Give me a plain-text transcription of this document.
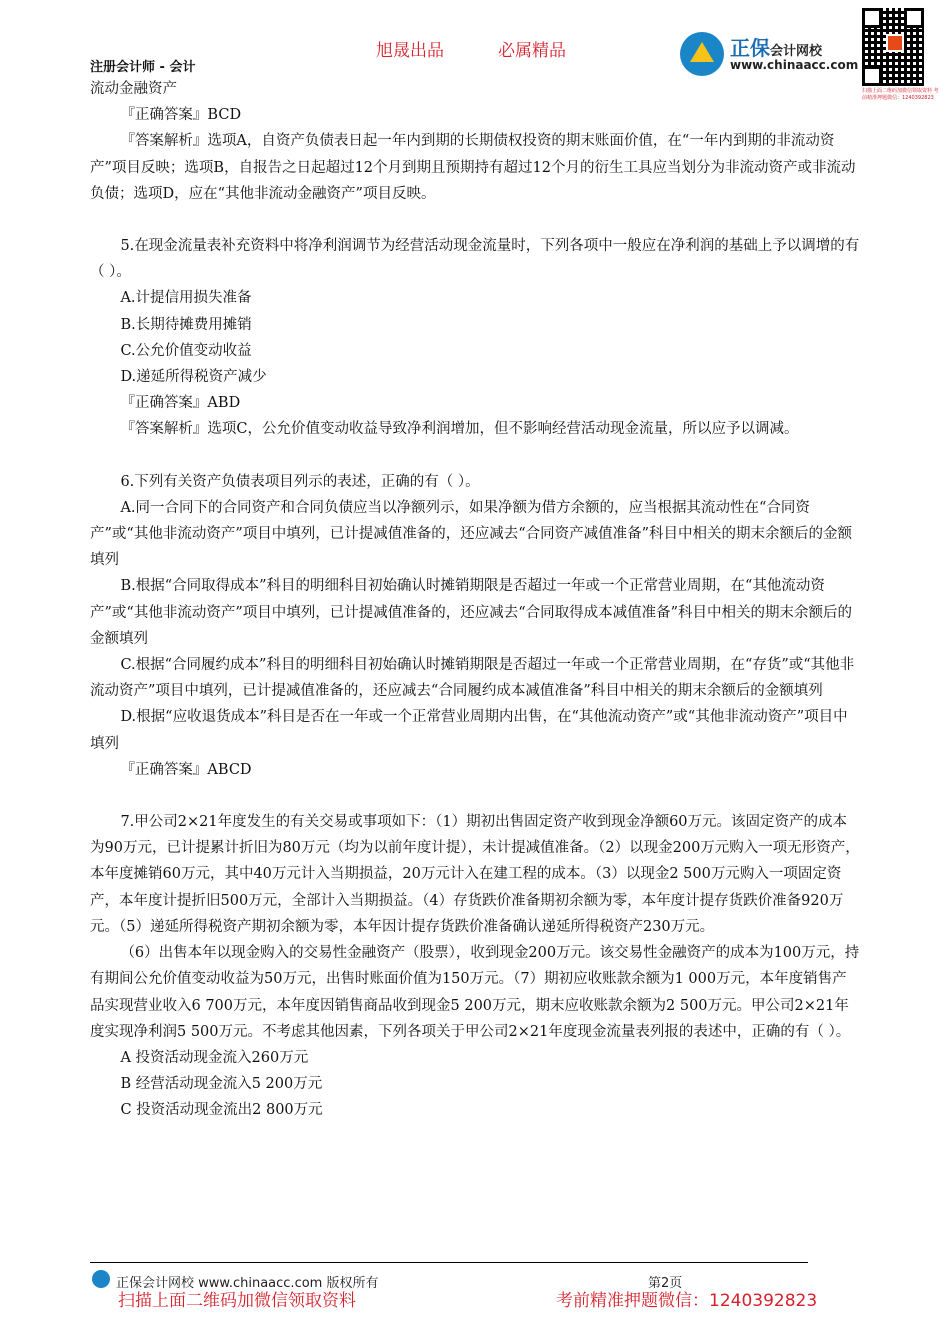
旭晟出品	必属精品
注册会计师 - 会计
正保会计网校
www.chinaacc.com
扫描上面二维码加微信领取资料 考前精准押题微信：1240392823

流动金融资产

『正确答案』BCD

『答案解析』选项A，自资产负债表日起一年内到期的长期债权投资的期末账面价值，在“一年内到期的非流动资产”项目反映；选项B，自报告之日起超过12个月到期且预期持有超过12个月的衍生工具应当划分为非流动资产或非流动负债；选项D，应在“其他非流动金融资产”项目反映。

5.在现金流量表补充资料中将净利润调节为经营活动现金流量时，下列各项中一般应在净利润的基础上予以调增的有（ ）。

A.计提信用损失准备

B.长期待摊费用摊销

C.公允价值变动收益

D.递延所得税资产减少

『正确答案』ABD

『答案解析』选项C，公允价值变动收益导致净利润增加，但不影响经营活动现金流量，所以应予以调减。

6.下列有关资产负债表项目列示的表述，正确的有（ ）。

A.同一合同下的合同资产和合同负债应当以净额列示，如果净额为借方余额的，应当根据其流动性在“合同资产”或“其他非流动资产”项目中填列，已计提减值准备的，还应减去“合同资产减值准备”科目中相关的期末余额后的金额填列

B.根据“合同取得成本”科目的明细科目初始确认时摊销期限是否超过一年或一个正常营业周期，在“其他流动资产”或“其他非流动资产”项目中填列，已计提减值准备的，还应减去“合同取得成本减值准备”科目中相关的期末余额后的金额填列

C.根据“合同履约成本”科目的明细科目初始确认时摊销期限是否超过一年或一个正常营业周期，在“存货”或“其他非流动资产”项目中填列，已计提减值准备的，还应减去“合同履约成本减值准备”科目中相关的期末余额后的金额填列

D.根据“应收退货成本”科目是否在一年或一个正常营业周期内出售，在“其他流动资产”或“其他非流动资产”项目中填列

『正确答案』ABCD

7.甲公司2×21年度发生的有关交易或事项如下：（1）期初出售固定资产收到现金净额60万元。该固定资产的成本为90万元，已计提累计折旧为80万元（均为以前年度计提），未计提减值准备。（2）以现金200万元购入一项无形资产，本年度摊销60万元，其中40万元计入当期损益，20万元计入在建工程的成本。（3）以现金2 500万元购入一项固定资产，本年度计提折旧500万元，全部计入当期损益。（4）存货跌价准备期初余额为零，本年度计提存货跌价准备920万元。（5）递延所得税资产期初余额为零，本年因计提存货跌价准备确认递延所得税资产230万元。

（6）出售本年以现金购入的交易性金融资产（股票），收到现金200万元。该交易性金融资产的成本为100万元，持有期间公允价值变动收益为50万元，出售时账面价值为150万元。（7）期初应收账款余额为1 000万元，本年度销售产品实现营业收入6 700万元，本年度因销售商品收到现金5 200万元，期末应收账款余额为2 500万元。甲公司2×21年度实现净利润5 500万元。不考虑其他因素，下列各项关于甲公司2×21年度现金流量表列报的表述中，正确的有（ ）。

A 投资活动现金流入260万元

B 经营活动现金流入5 200万元

C 投资活动现金流出2 800万元

正保会计网校 www.chinaacc.com 版权所有	第2页
扫描上面二维码加微信领取资料	考前精准押题微信：1240392823
